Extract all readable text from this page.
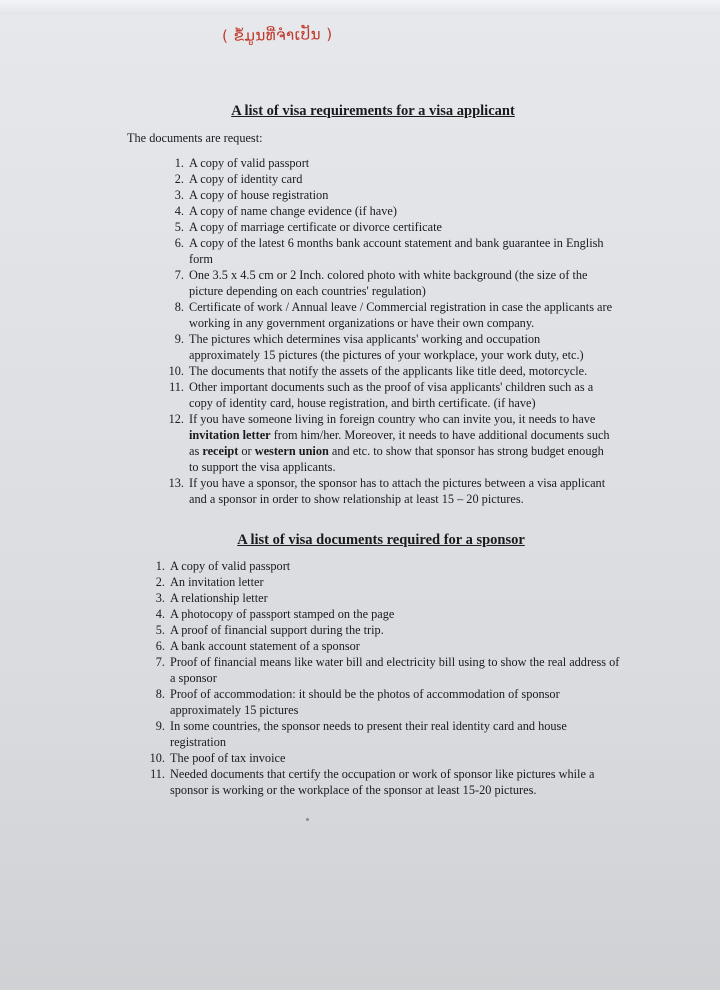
( ຂໍ້ມູນທີ່ຈໍາເປັນ )
A list of visa requirements for a visa applicant
The documents are request:
1. A copy of valid passport
2. A copy of identity card
3. A copy of house registration
4. A copy of name change evidence (if have)
5. A copy of marriage certificate or divorce certificate
6. A copy of the latest 6 months bank account statement and bank guarantee in English form
7. One 3.5 x 4.5 cm or 2 Inch. colored photo with white background (the size of the picture depending on each countries' regulation)
8. Certificate of work / Annual leave / Commercial registration in case the applicants are working in any government organizations or have their own company.
9. The pictures which determines visa applicants' working and occupation approximately 15 pictures (the pictures of your workplace, your work duty, etc.)
10. The documents that notify the assets of the applicants like title deed, motorcycle.
11. Other important documents such as the proof of visa applicants' children such as a copy of identity card, house registration, and birth certificate. (if have)
12. If you have someone living in foreign country who can invite you, it needs to have invitation letter from him/her. Moreover, it needs to have additional documents such as receipt or western union and etc. to show that sponsor has strong budget enough to support the visa applicants.
13. If you have a sponsor, the sponsor has to attach the pictures between a visa applicant and a sponsor in order to show relationship at least 15 – 20 pictures.
A list of visa documents required for a sponsor
1. A copy of valid passport
2. An invitation letter
3. A relationship letter
4. A photocopy of passport stamped on the page
5. A proof of financial support during the trip.
6. A bank account statement of a sponsor
7. Proof of financial means like water bill and electricity bill using to show the real address of a sponsor
8. Proof of accommodation: it should be the photos of accommodation of sponsor approximately 15 pictures
9. In some countries, the sponsor needs to present their real identity card and house registration
10. The poof of tax invoice
11. Needed documents that certify the occupation or work of sponsor like pictures while a sponsor is working or the workplace of the sponsor at least 15-20 pictures.
